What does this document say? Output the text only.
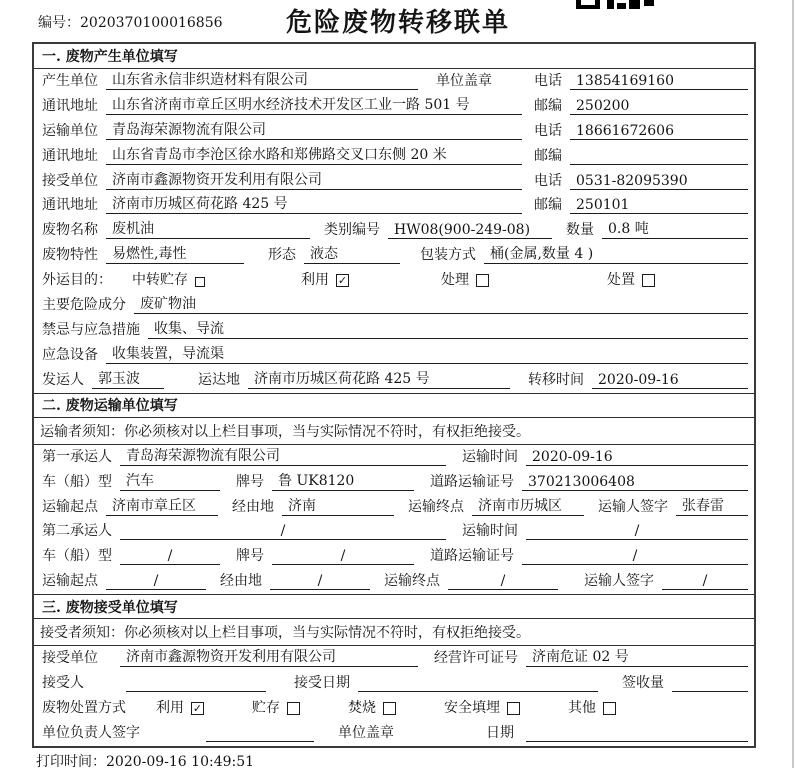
编号：2020370100016856	危险废物转移联单
一. 废物产生单位填写
产生单位	山东省永信非织造材料有限公司	单位盖章	电话	13854169160
通讯地址	山东省济南市章丘区明水经济技术开发区工业一路 501 号	邮编	250200
运输单位	青岛海荣源物流有限公司	电话	18661672606
通讯地址	山东省青岛市李沧区徐水路和郑佛路交叉口东侧 20 米	邮编
接受单位	济南市鑫源物资开发利用有限公司	电话	0531-82095390
通讯地址	济南市历城区荷花路 425 号	邮编	250101
废物名称	废机油	类别编号	HW08(900-249-08)	数量	0.8 吨
废物特性	易燃性,毒性	形态	液态	包装方式	桶(金属,数量 4 )
外运目的：	中转贮存	利用 ✓	处理	处置
主要危险成分	废矿物油
禁忌与应急措施	收集、导流
应急设备	收集装置，导流渠
发运人	郭玉波	运达地	济南市历城区荷花路 425 号	转移时间	2020-09-16
二. 废物运输单位填写
运输者须知：你必须核对以上栏目事项，当与实际情况不符时，有权拒绝接受。
第一承运人	青岛海荣源物流有限公司	运输时间	2020-09-16
车（船）型	汽车	牌号	鲁 UK8120	道路运输证号	370213006408
运输起点	济南市章丘区	经由地	济南	运输终点	济南市历城区	运输人签字	张春雷
第二承运人	/	运输时间	/
车（船）型	/	牌号	/	道路运输证号	/
运输起点	/	经由地	/	运输终点	/	运输人签字	/
三. 废物接受单位填写
接受者须知：你必须核对以上栏目事项，当与实际情况不符时，有权拒绝接受。
接受单位	济南市鑫源物资开发利用有限公司	经营许可证号	济南危证 02 号
接受人	接受日期	签收量
废物处置方式	利用 ✓	贮存	焚烧	安全填埋	其他
单位负责人签字	单位盖章	日期
打印时间：2020-09-16 10:49:51
